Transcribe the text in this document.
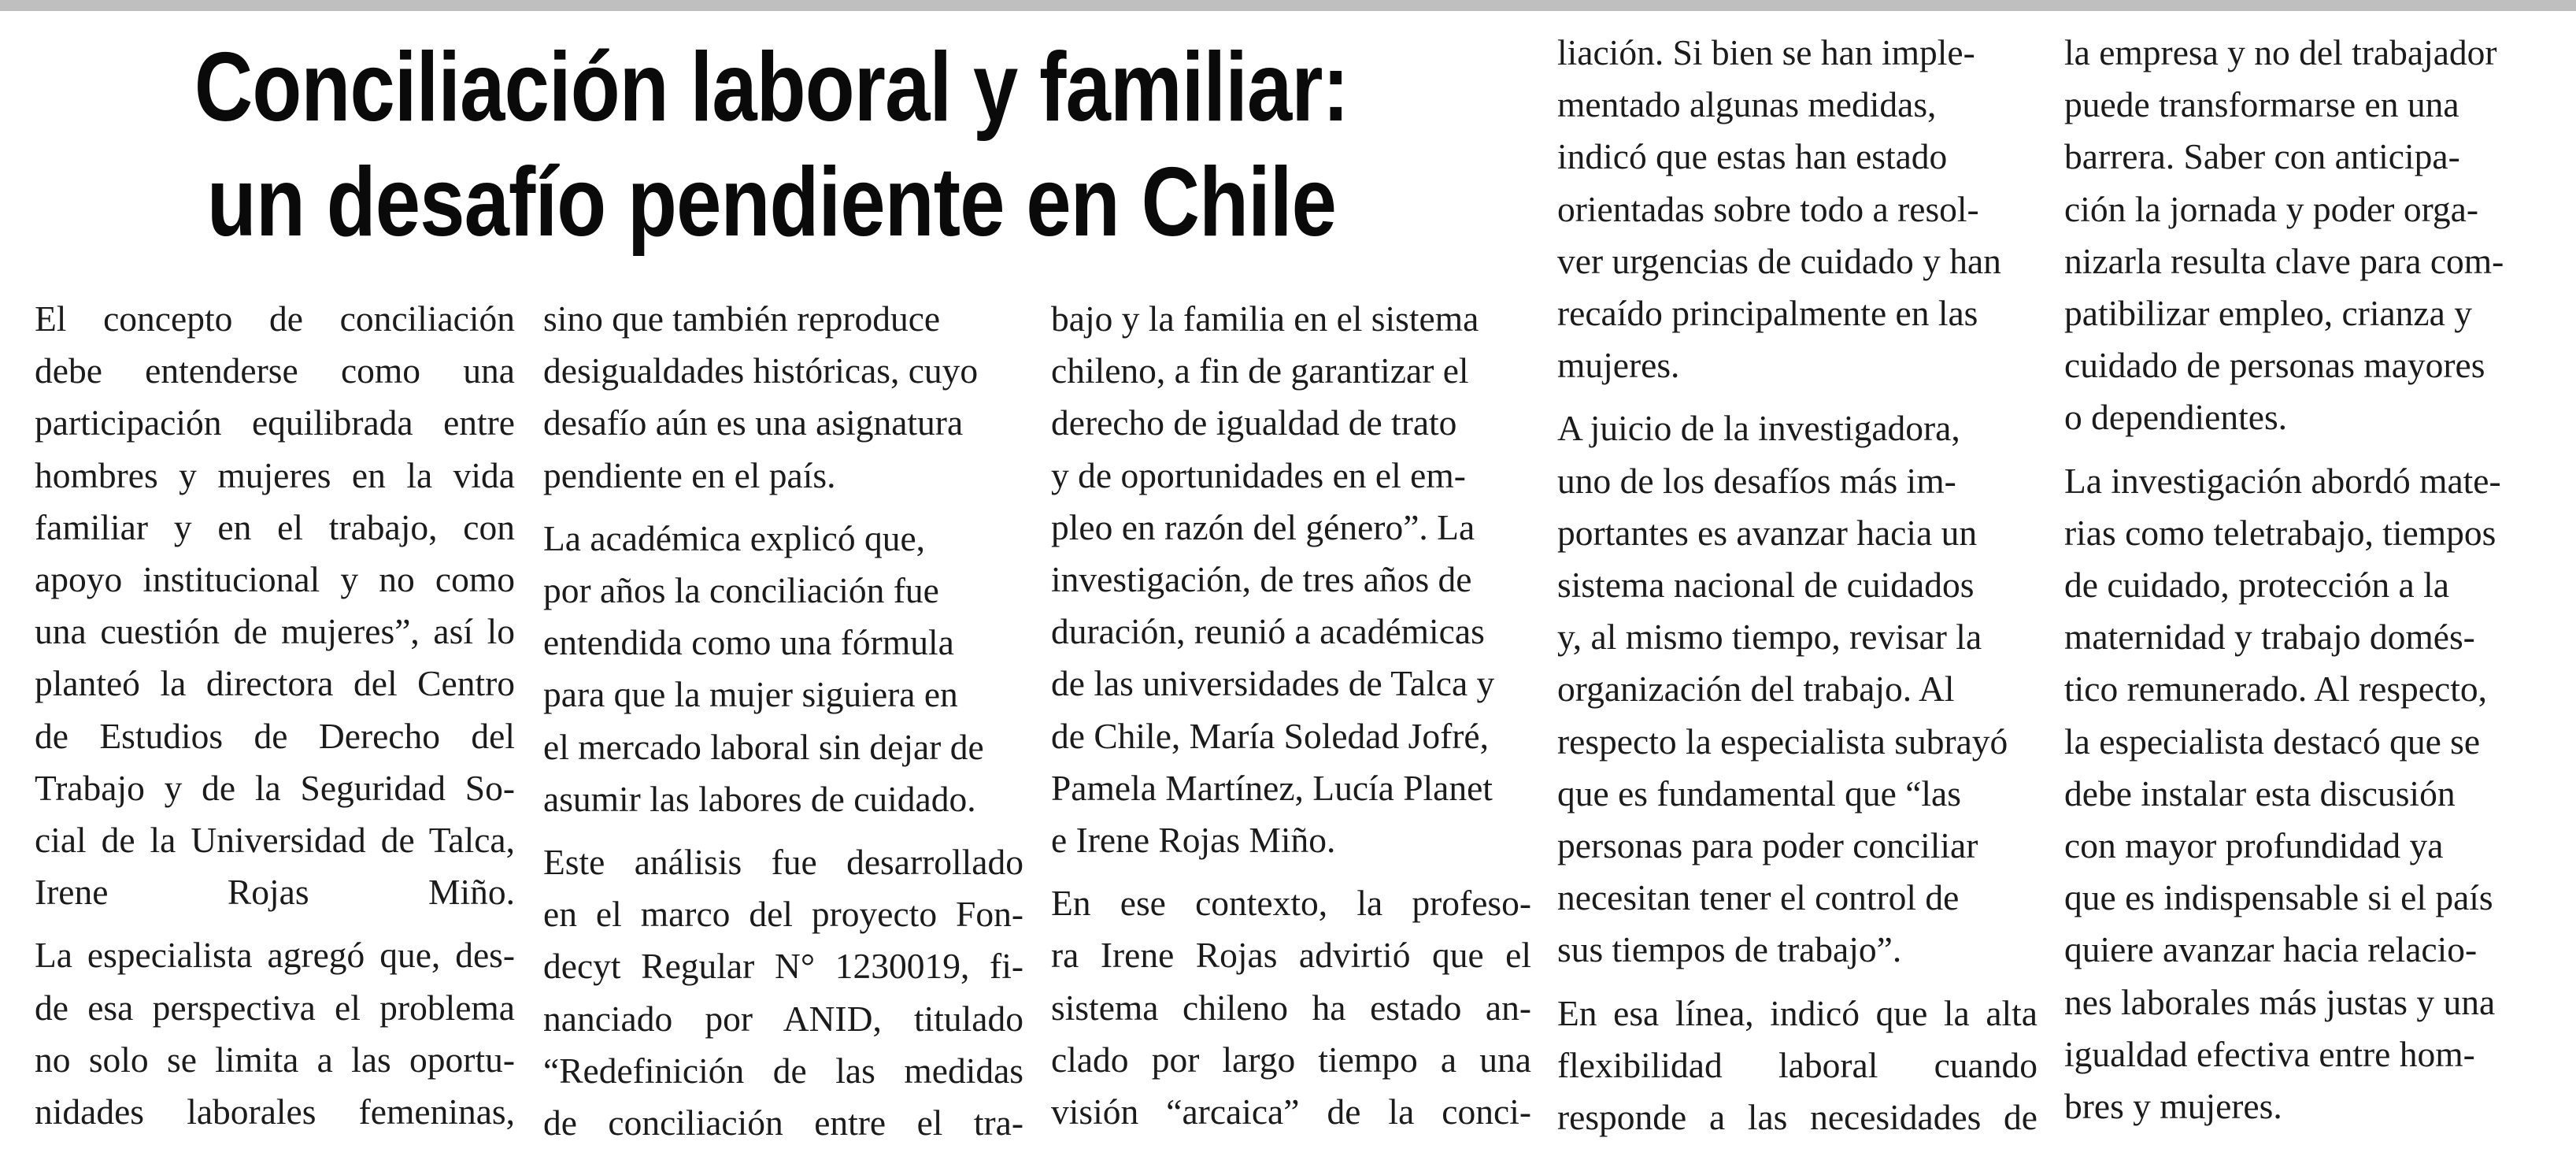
Conciliación laboral y familiar:
un desafío pendiente en Chile

El concepto de conciliación
debe entenderse como una
participación equilibrada entre
hombres y mujeres en la vida
familiar y en el trabajo, con
apoyo institucional y no como
una cuestión de mujeres”, así lo
planteó la directora del Centro
de Estudios de Derecho del
Trabajo y de la Seguridad So-
cial de la Universidad de Talca,
Irene Rojas Miño.

La especialista agregó que, des-
de esa perspectiva el problema
no solo se limita a las oportu-
nidades laborales femeninas,

sino que también reproduce
desigualdades históricas, cuyo
desafío aún es una asignatura
pendiente en el país.

La académica explicó que,
por años la conciliación fue
entendida como una fórmula
para que la mujer siguiera en
el mercado laboral sin dejar de
asumir las labores de cuidado.

Este análisis fue desarrollado
en el marco del proyecto Fon-
decyt Regular N° 1230019, fi-
nanciado por ANID, titulado
“Redefinición de las medidas
de conciliación entre el tra-

bajo y la familia en el sistema
chileno, a fin de garantizar el
derecho de igualdad de trato
y de oportunidades en el em-
pleo en razón del género”. La
investigación, de tres años de
duración, reunió a académicas
de las universidades de Talca y
de Chile, María Soledad Jofré,
Pamela Martínez, Lucía Planet
e Irene Rojas Miño.

En ese contexto, la profeso-
ra Irene Rojas advirtió que el
sistema chileno ha estado an-
clado por largo tiempo a una
visión “arcaica” de la conci-

liación. Si bien se han imple-
mentado algunas medidas,
indicó que estas han estado
orientadas sobre todo a resol-
ver urgencias de cuidado y han
recaído principalmente en las
mujeres.

A juicio de la investigadora,
uno de los desafíos más im-
portantes es avanzar hacia un
sistema nacional de cuidados
y, al mismo tiempo, revisar la
organización del trabajo. Al
respecto la especialista subrayó
que es fundamental que “las
personas para poder conciliar
necesitan tener el control de
sus tiempos de trabajo”.

En esa línea, indicó que la alta
flexibilidad laboral cuando
responde a las necesidades de

la empresa y no del trabajador
puede transformarse en una
barrera. Saber con anticipa-
ción la jornada y poder orga-
nizarla resulta clave para com-
patibilizar empleo, crianza y
cuidado de personas mayores
o dependientes.

La investigación abordó mate-
rias como teletrabajo, tiempos
de cuidado, protección a la
maternidad y trabajo domés-
tico remunerado. Al respecto,
la especialista destacó que se
debe instalar esta discusión
con mayor profundidad ya
que es indispensable si el país
quiere avanzar hacia relacio-
nes laborales más justas y una
igualdad efectiva entre hom-
bres y mujeres.
